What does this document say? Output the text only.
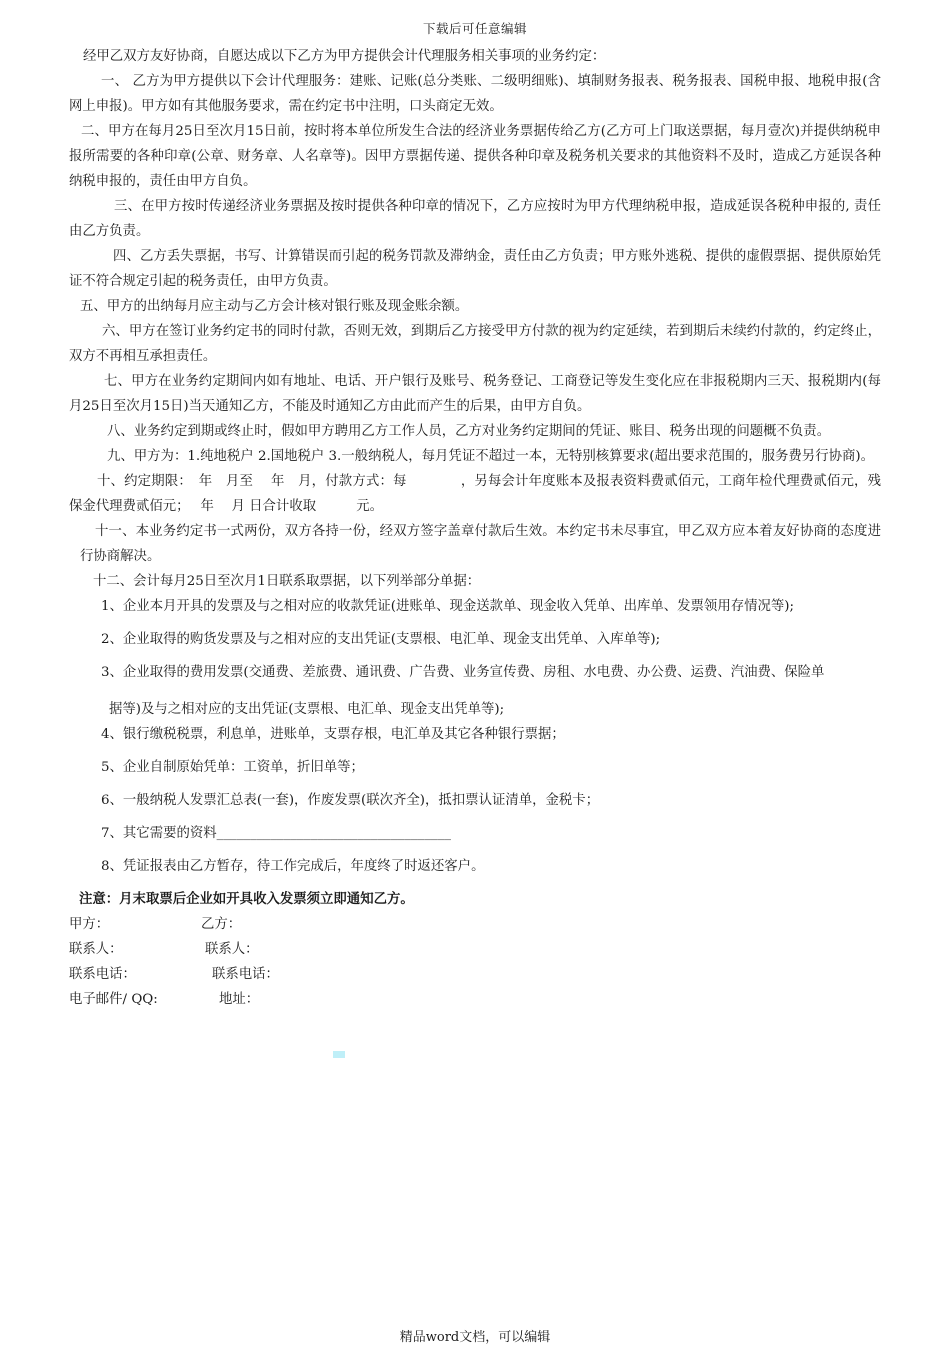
下载后可任意编辑

经甲乙双方友好协商，自愿达成以下乙方为甲方提供会计代理服务相关事项的业务约定：

一、 乙方为甲方提供以下会计代理服务：建账、记账(总分类账、二级明细账)、填制财务报表、税务报表、国税申报、地税申报(含网上申报)。甲方如有其他服务要求，需在约定书中注明，口头商定无效。

二、甲方在每月25日至次月15日前，按时将本单位所发生合法的经济业务票据传给乙方(乙方可上门取送票据，每月壹次)并提供纳税申报所需要的各种印章(公章、财务章、人名章等)。因甲方票据传递、提供各种印章及税务机关要求的其他资料不及时，造成乙方延误各种纳税申报的，责任由甲方自负。

三、在甲方按时传递经济业务票据及按时提供各种印章的情况下，乙方应按时为甲方代理纳税申报，造成延误各税种申报的, 责任由乙方负责。

四、乙方丢失票据，书写、计算错误而引起的税务罚款及滞纳金，责任由乙方负责；甲方账外逃税、提供的虚假票据、提供原始凭证不符合规定引起的税务责任，由甲方负责。

五、甲方的出纳每月应主动与乙方会计核对银行账及现金账余额。

六、甲方在签订业务约定书的同时付款，否则无效，到期后乙方接受甲方付款的视为约定延续，若到期后未续约付款的，约定终止，双方不再相互承担责任。

七、甲方在业务约定期间内如有地址、电话、开户银行及账号、税务登记、工商登记等发生变化应在非报税期内三天、报税期内(每月25日至次月15日)当天通知乙方，不能及时通知乙方由此而产生的后果，由甲方自负。

八、业务约定到期或终止时，假如甲方聘用乙方工作人员，乙方对业务约定期间的凭证、账目、税务出现的问题概不负责。

九、甲方为：1.纯地税户 2.国地税户 3.一般纳税人，每月凭证不超过一本，无特别核算要求(超出要求范围的，服务费另行协商)。

十、约定期限：　年　月至　 年　月，付款方式：每　　　　，另每会计年度账本及报表资料费贰佰元，工商年检代理费贰佰元，残保金代理费贰佰元；　 年　 月 日合计收取　　　元。

十一、本业务约定书一式两份，双方各持一份，经双方签字盖章付款后生效。本约定书未尽事宜，甲乙双方应本着友好协商的态度进行协商解决。

十二、会计每月25日至次月1日联系取票据，以下列举部分单据：

1、企业本月开具的发票及与之相对应的收款凭证(进账单、现金送款单、现金收入凭单、出库单、发票领用存情况等);

2、企业取得的购货发票及与之相对应的支出凭证(支票根、电汇单、现金支出凭单、入库单等);

3、企业取得的费用发票(交通费、差旅费、通讯费、广告费、业务宣传费、房租、水电费、办公费、运费、汽油费、保险单

据等)及与之相对应的支出凭证(支票根、电汇单、现金支出凭单等);

4、银行缴税税票，利息单，进账单，支票存根，电汇单及其它各种银行票据；

5、企业自制原始凭单：工资单，折旧单等；

6、一般纳税人发票汇总表(一套)，作废发票(联次齐全)，抵扣票认证清单，金税卡；

7、其它需要的资料___________________________________

8、凭证报表由乙方暂存，待工作完成后，年度终了时返还客户。

注意：月末取票后企业如开具收入发票须立即通知乙方。

甲方：	乙方：
联系人：	联系人：
联系电话：	联系电话：
电子邮件/ QQ:	地址：
精品word文档，可以编辑
